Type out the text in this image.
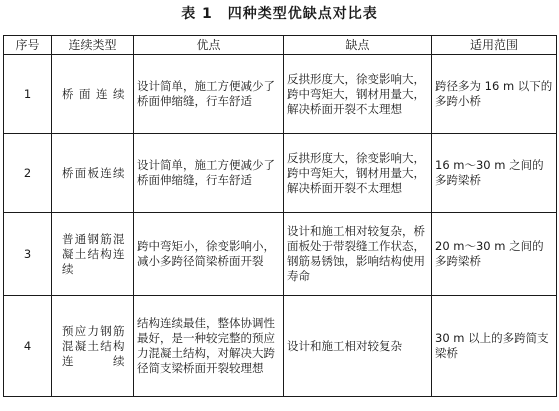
表 1　四种类型优缺点对比表
序号	连续类型	优点	缺点	适用范围
1	桥面连续	设计简单，施工方便减少了桥面伸缩缝，行车舒适	反拱形度大，徐变影响大，跨中弯矩大，钢材用量大，解决桥面开裂不太理想	跨径多为 16 m 以下的多跨小桥
2	桥面板连续	设计简单，施工方便减少了桥面伸缩缝，行车舒适	反拱形度大，徐变影响大，跨中弯矩大，钢材用量大，解决桥面开裂不太理想	16 m～30 m 之间的多跨梁桥
3	普通钢筋混凝土结构连续	跨中弯矩小，徐变影响小，减小多跨径简梁桥面开裂	设计和施工相对较复杂，桥面板处于带裂缝工作状态，钢筋易锈蚀，影响结构使用寿命	20 m～30 m 之间的多跨梁桥
4	预应力钢筋混凝土结构连续	结构连续最佳，整体协调性最好，是一种较完整的预应力混凝土结构，对解决大跨径简支梁桥面开裂较理想	设计和施工相对较复杂	30 m 以上的多跨简支梁桥
